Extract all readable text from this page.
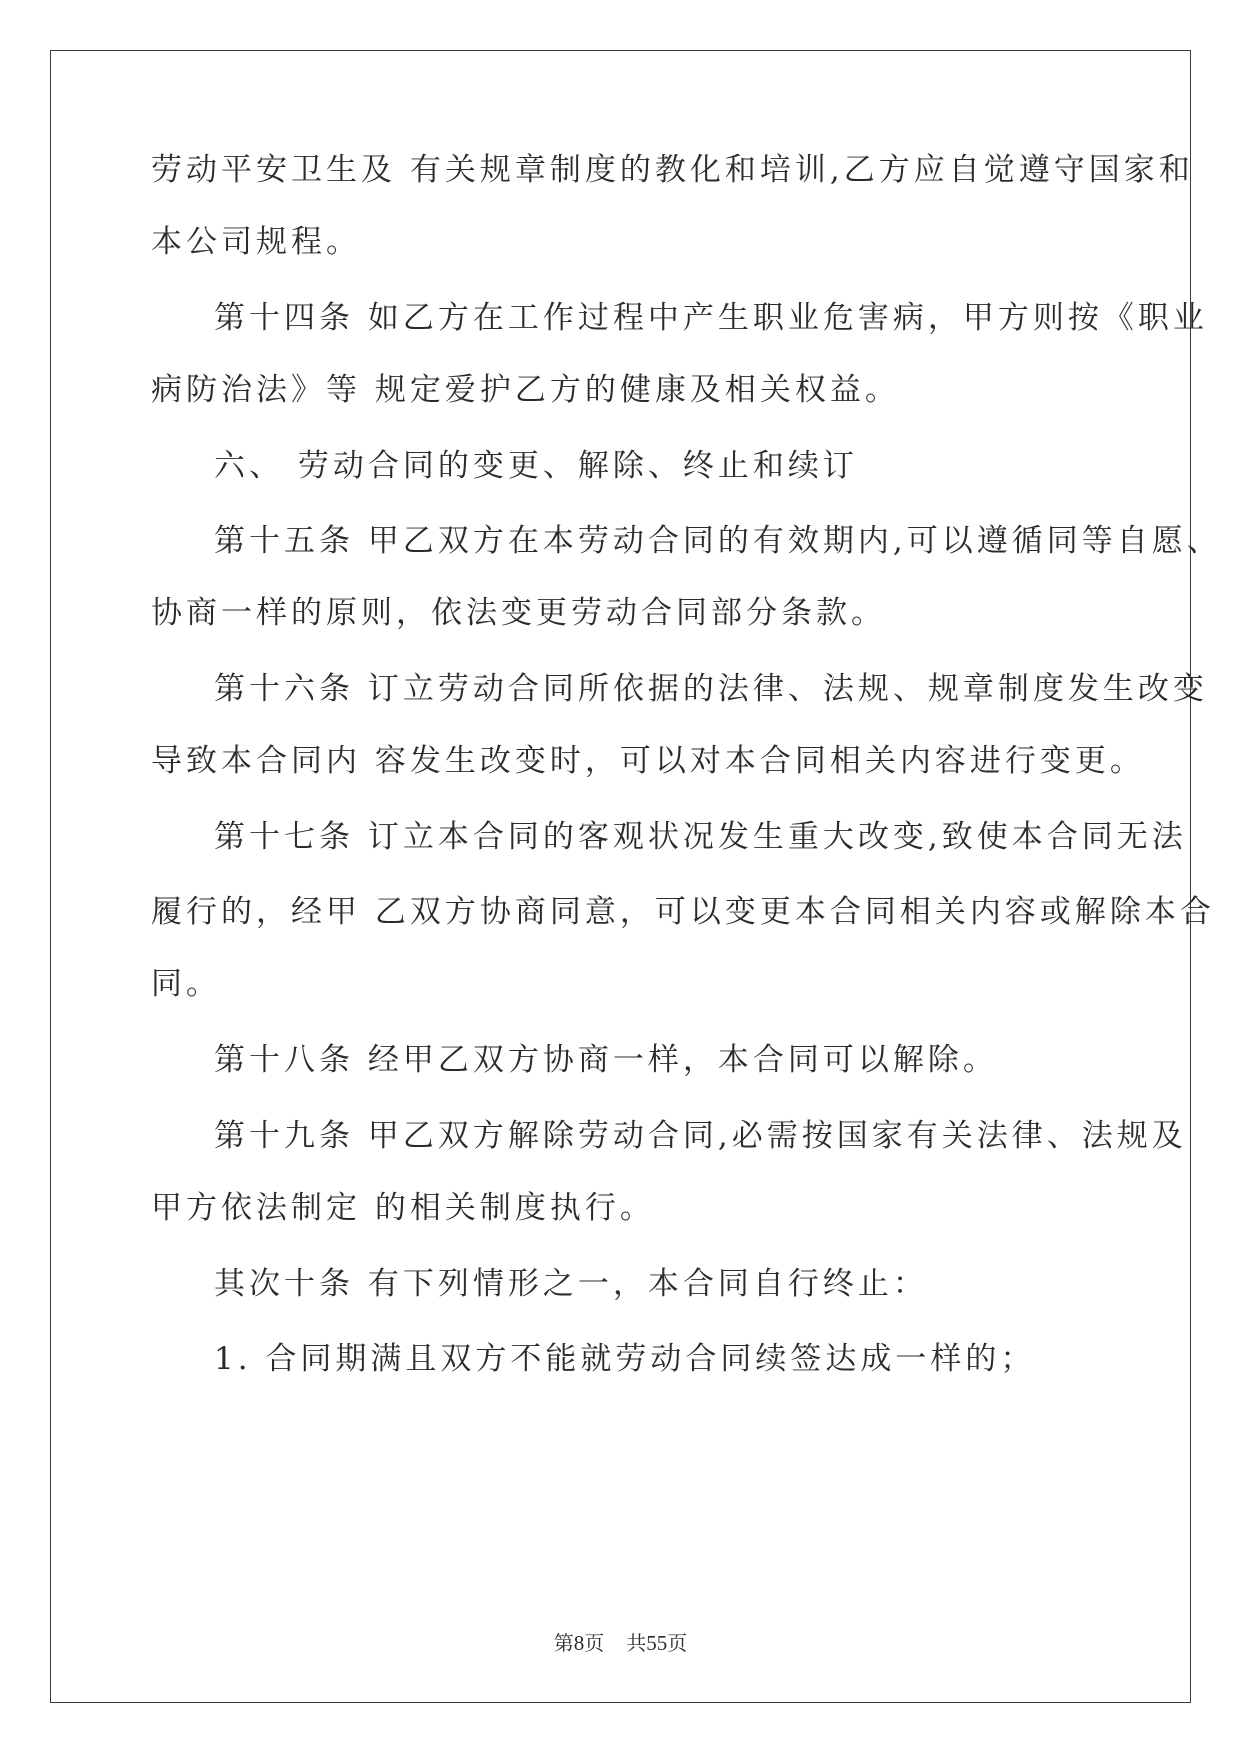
劳动平安卫生及 有关规章制度的教化和培训,乙方应自觉遵守国家和
本公司规程。
第十四条 如乙方在工作过程中产生职业危害病，甲方则按《职业
病防治法》等 规定爱护乙方的健康及相关权益。
六、 劳动合同的变更、解除、终止和续订
第十五条 甲乙双方在本劳动合同的有效期内,可以遵循同等自愿、
协商一样的原则，依法变更劳动合同部分条款。
第十六条 订立劳动合同所依据的法律、法规、规章制度发生改变
导致本合同内 容发生改变时，可以对本合同相关内容进行变更。
第十七条 订立本合同的客观状况发生重大改变,致使本合同无法
履行的，经甲 乙双方协商同意，可以变更本合同相关内容或解除本合
同。
第十八条 经甲乙双方协商一样，本合同可以解除。
第十九条 甲乙双方解除劳动合同,必需按国家有关法律、法规及
甲方依法制定 的相关制度执行。
其次十条 有下列情形之一，本合同自行终止：
1. 合同期满且双方不能就劳动合同续签达成一样的；
第8页 共55页
